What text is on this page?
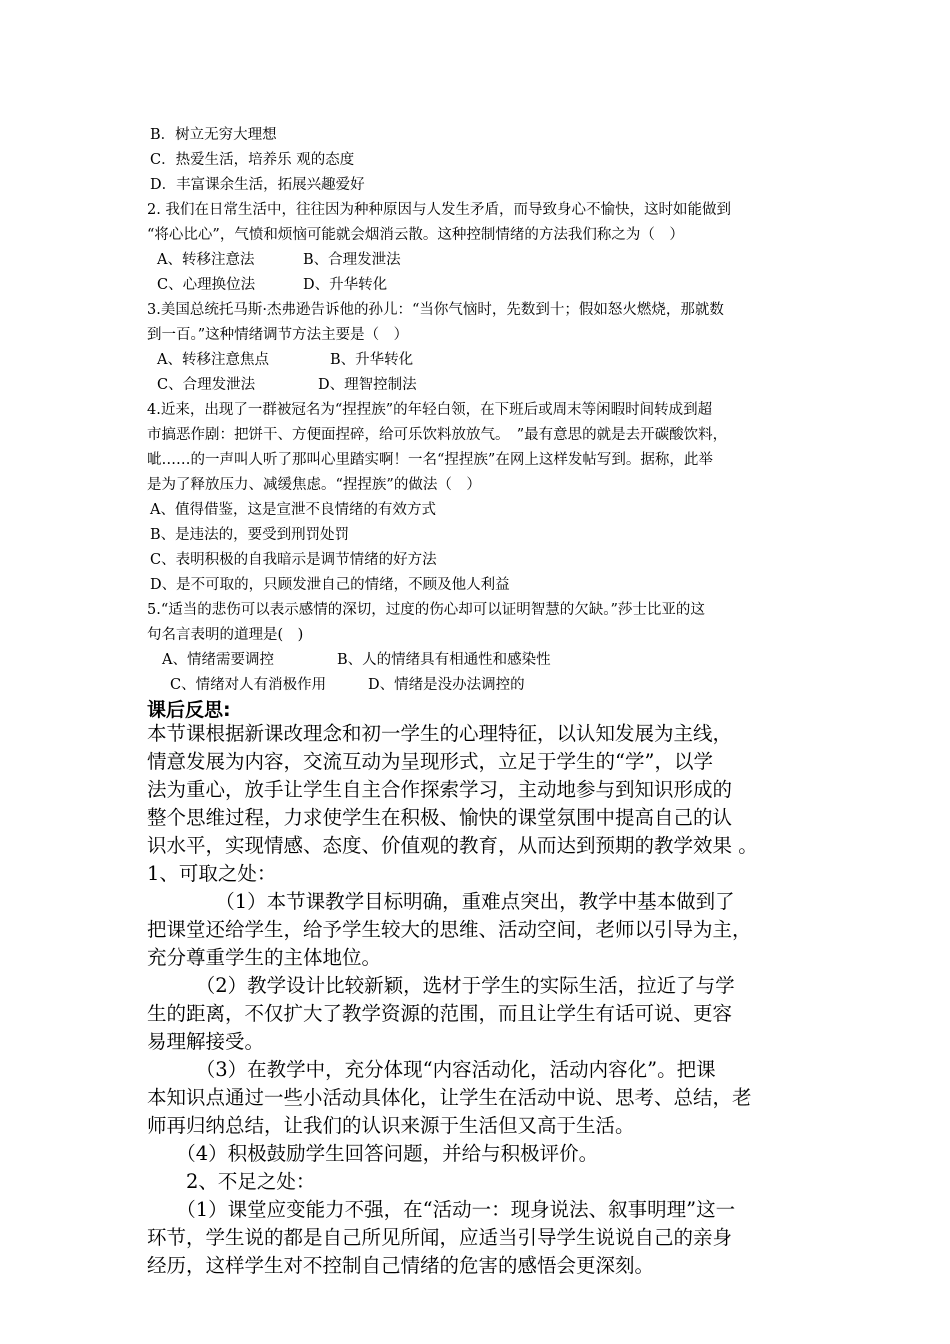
B．树立无穷大理想
C．热爱生活，培养乐 观的态度
D．丰富课余生活，拓展兴趣爱好
2. 我们在日常生活中，往往因为种种原因与人发生矛盾，而导致身心不愉快，这时如能做到
“将心比心”，气愤和烦恼可能就会烟消云散。这种控制情绪的方法我们称之为（　）
A、转移注意法	B、合理发泄法
C、心理换位法	D、升华转化
3.美国总统托马斯·杰弗逊告诉他的孙儿：“当你气恼时，先数到十；假如怒火燃烧，那就数
到一百。”这种情绪调节方法主要是（　）
A、转移注意焦点	B、升华转化
C、合理发泄法	D、理智控制法
4.近来，出现了一群被冠名为“捏捏族”的年轻白领，在下班后或周末等闲暇时间转成到超
市搞恶作剧：把饼干、方便面捏碎，给可乐饮料放放气。　”最有意思的就是去开碳酸饮料，
呲……的一声叫人听了那叫心里踏实啊！一名“捏捏族”在网上这样发帖写到。据称，此举
是为了释放压力、减缓焦虑。“捏捏族”的做法（　）
A、值得借鉴，这是宣泄不良情绪的有效方式
B、是违法的，要受到刑罚处罚
C、表明积极的自我暗示是调节情绪的好方法
D、是不可取的，只顾发泄自己的情绪，不顾及他人利益
5.“适当的悲伤可以表示感情的深切，过度的伤心却可以证明智慧的欠缺。”莎士比亚的这
句名言表明的道理是(　)
A、情绪需要调控	B、人的情绪具有相通性和感染性
C、情绪对人有消极作用	D、情绪是没办法调控的
课后反思:
本节课根据新课改理念和初一学生的心理特征，以认知发展为主线，
情意发展为内容，交流互动为呈现形式，立足于学生的“学”，以学
法为重心，放手让学生自主合作探索学习，主动地参与到知识形成的
整个思维过程，力求使学生在积极、愉快的课堂氛围中提高自己的认
识水平，实现情感、态度、价值观的教育，从而达到预期的教学效果 。
1、可取之处：
　　　　（1）本节课教学目标明确，重难点突出，教学中基本做到了
把课堂还给学生，给予学生较大的思维、活动空间，老师以引导为主，
充分尊重学生的主体地位。
　　　（2）教学设计比较新颖，选材于学生的实际生活，拉近了与学
生的距离，不仅扩大了教学资源的范围，而且让学生有话可说、更容
易理解接受。
　　　（3）在教学中，充分体现“内容活动化，活动内容化”。把课
本知识点通过一些小活动具体化，让学生在活动中说、思考、总结，老
师再归纳总结，让我们的认识来源于生活但又高于生活。
　　（4）积极鼓励学生回答问题，并给与积极评价。
　　2、不足之处：
　　（1）课堂应变能力不强，在“活动一：现身说法、叙事明理”这一
环节，学生说的都是自己所见所闻，应适当引导学生说说自己的亲身
经历，这样学生对不控制自己情绪的危害的感悟会更深刻。
